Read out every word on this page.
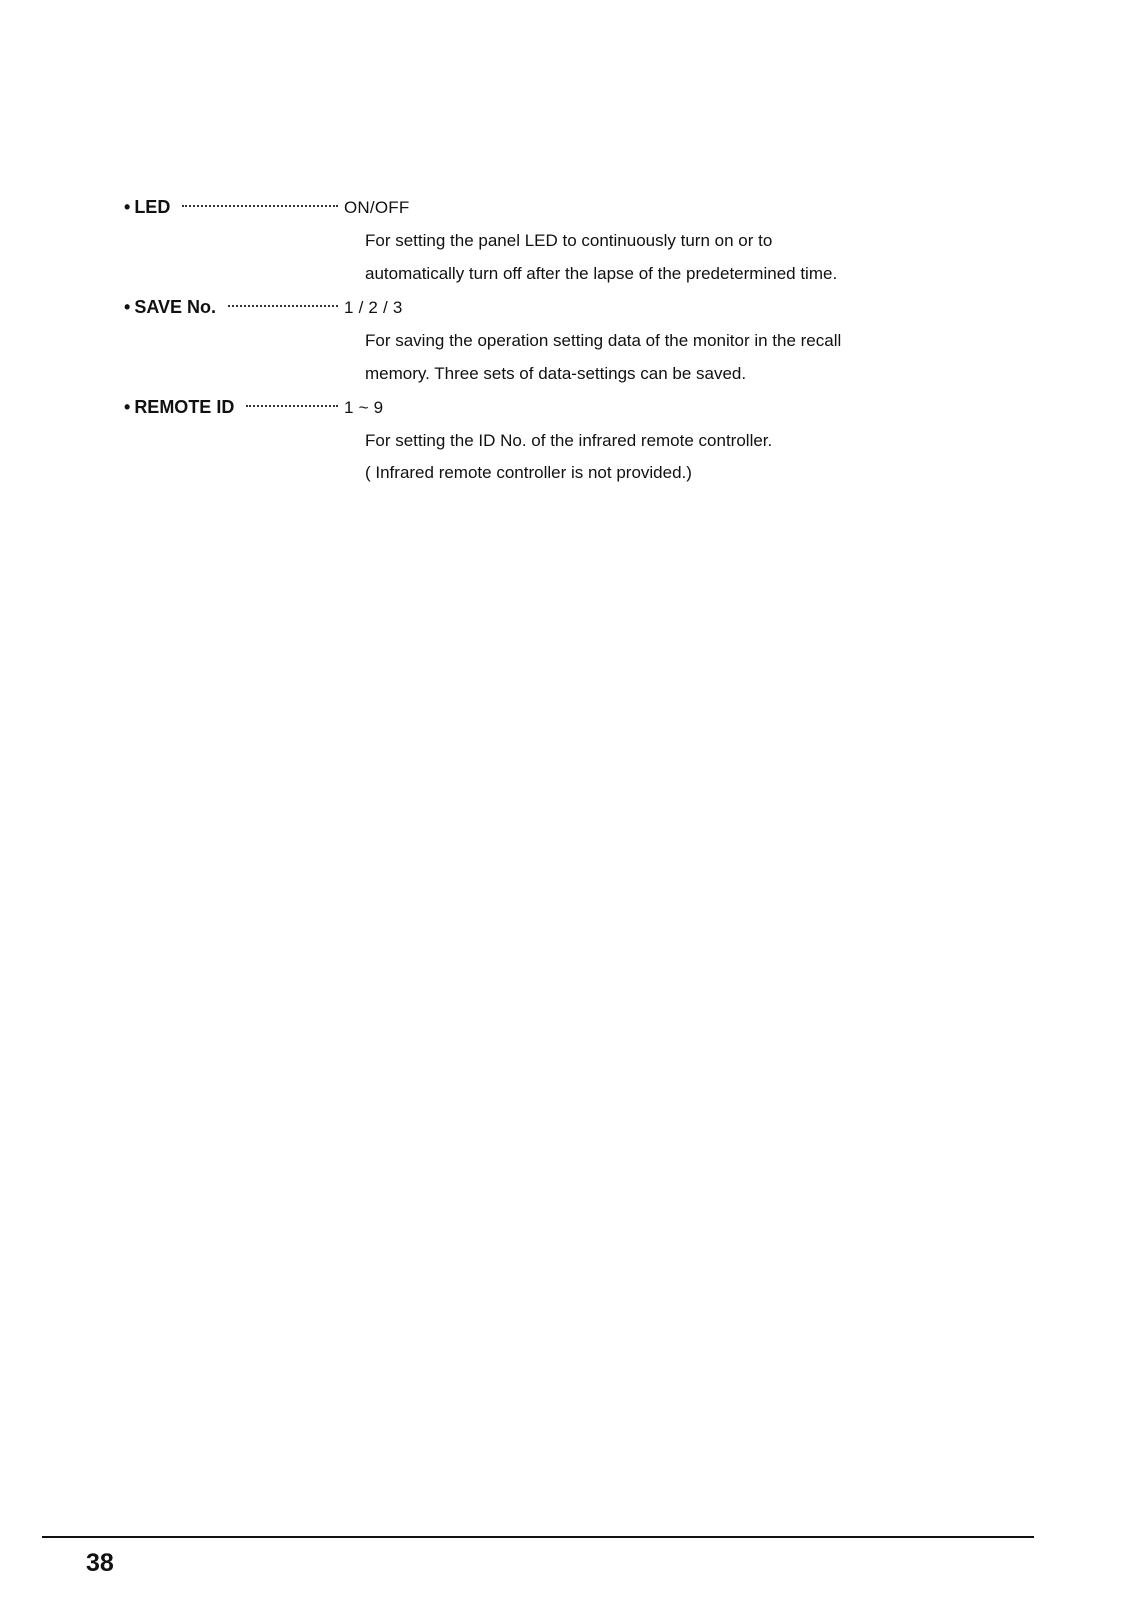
• LED	ON/OFF
For setting the panel LED to continuously turn on or to
automatically turn off after the lapse of the predetermined time.
• SAVE No.	1 / 2 / 3
For saving the operation setting data of the monitor in the recall
memory. Three sets of data-settings can be saved.
• REMOTE ID	1 ~ 9
For setting the ID No. of the infrared remote controller.
( Infrared remote controller is not provided.)
38
